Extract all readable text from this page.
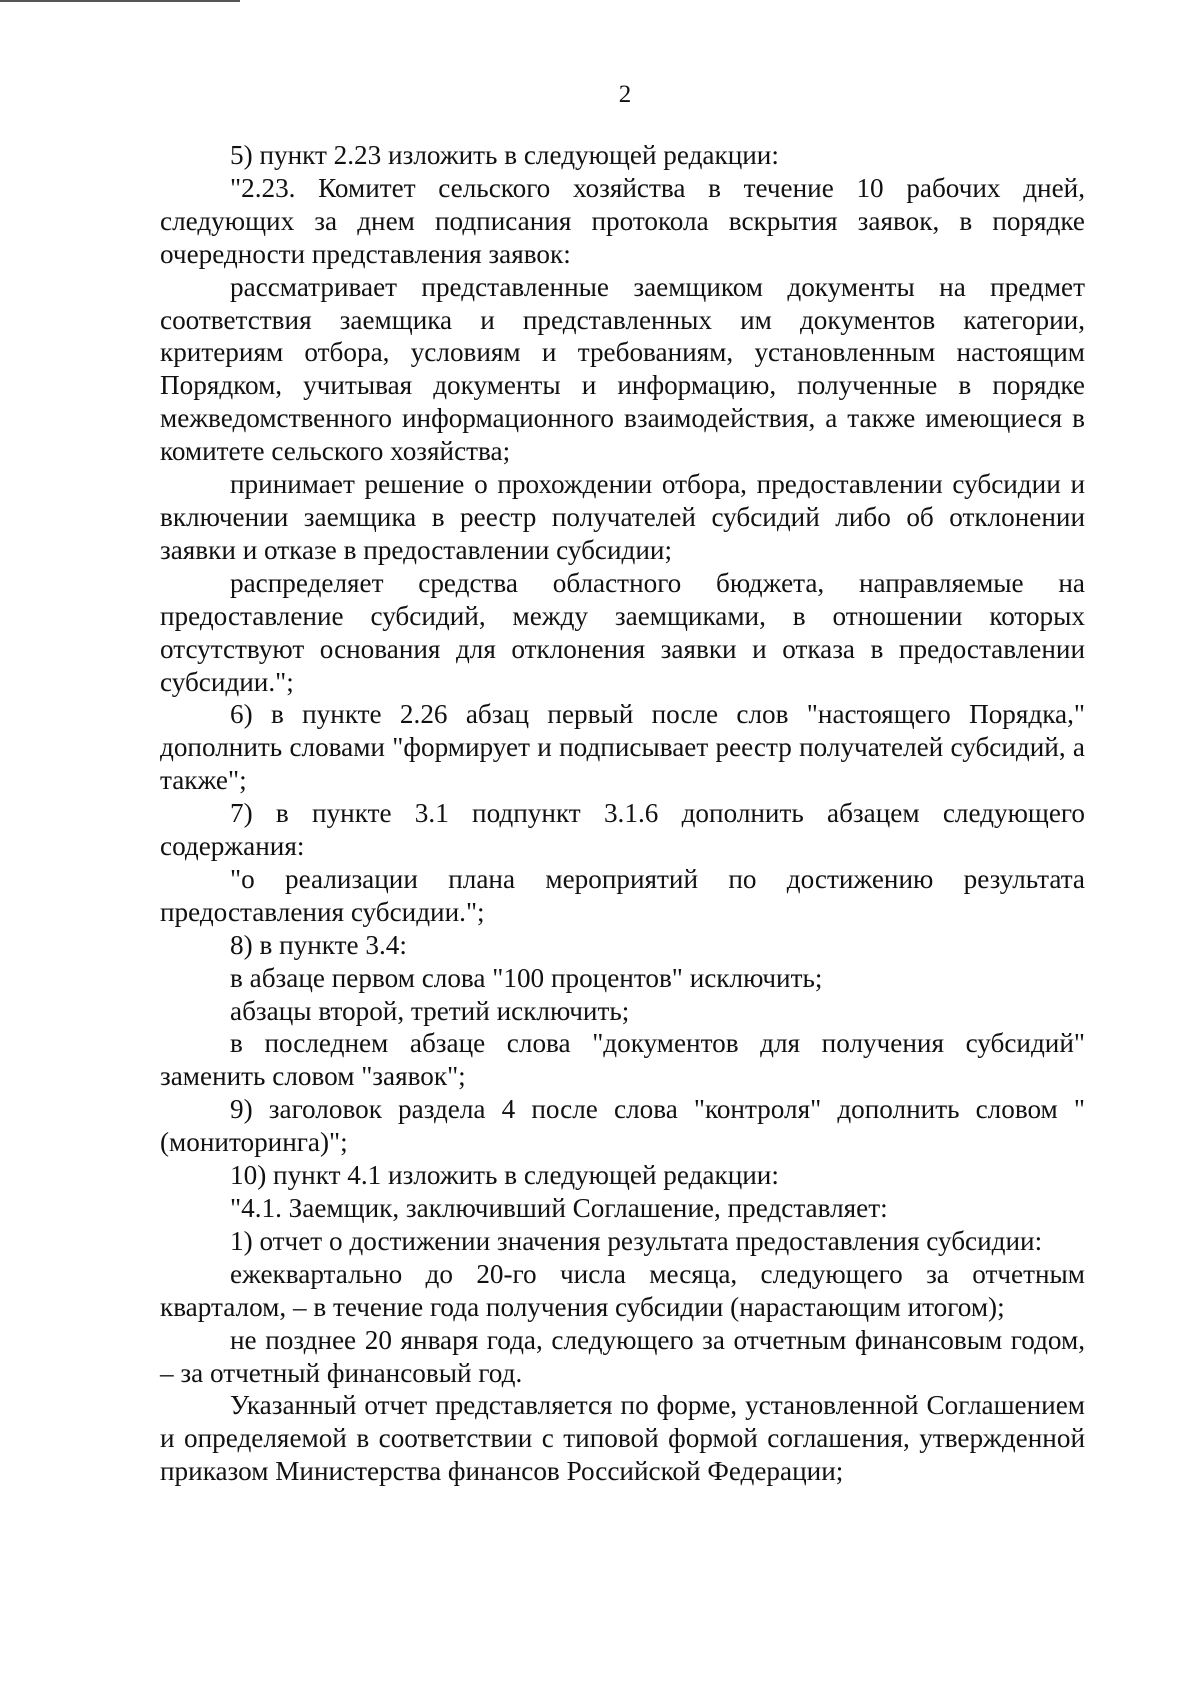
2

5) пункт 2.23 изложить в следующей редакции:

"2.23. Комитет сельского хозяйства в течение 10 рабочих дней, следующих за днем подписания протокола вскрытия заявок, в порядке очередности представления заявок:

рассматривает представленные заемщиком документы на предмет соответствия заемщика и представленных им документов категории, критериям отбора, условиям и требованиям, установленным настоящим Порядком, учитывая документы и информацию, полученные в порядке межведомственного информационного взаимодействия, а также имеющиеся в комитете сельского хозяйства;

принимает решение о прохождении отбора, предоставлении субсидии и включении заемщика в реестр получателей субсидий либо об отклонении заявки и отказе в предоставлении субсидии;

распределяет средства областного бюджета, направляемые на предоставление субсидий, между заемщиками, в отношении которых отсутствуют основания для отклонения заявки и отказа в предоставлении субсидии.";

6) в пункте 2.26 абзац первый после слов "настоящего Порядка," дополнить словами "формирует и подписывает реестр получателей субсидий, а также";

7) в пункте 3.1 подпункт 3.1.6 дополнить абзацем следующего содержания:

"о реализации плана мероприятий по достижению результата предоставления субсидии.";

8) в пункте 3.4:

в абзаце первом слова "100 процентов" исключить;

абзацы второй, третий исключить;

в последнем абзаце слова "документов для получения субсидий" заменить словом "заявок";

9) заголовок раздела 4 после слова "контроля" дополнить словом "(мониторинга)";

10) пункт 4.1 изложить в следующей редакции:

"4.1. Заемщик, заключивший Соглашение, представляет:

1) отчет о достижении значения результата предоставления субсидии:

ежеквартально до 20-го числа месяца, следующего за отчетным кварталом, – в течение года получения субсидии (нарастающим итогом);

не позднее 20 января года, следующего за отчетным финансовым годом, – за отчетный финансовый год.

Указанный отчет представляется по форме, установленной Соглашением и определяемой в соответствии с типовой формой соглашения, утвержденной приказом Министерства финансов Российской Федерации;
